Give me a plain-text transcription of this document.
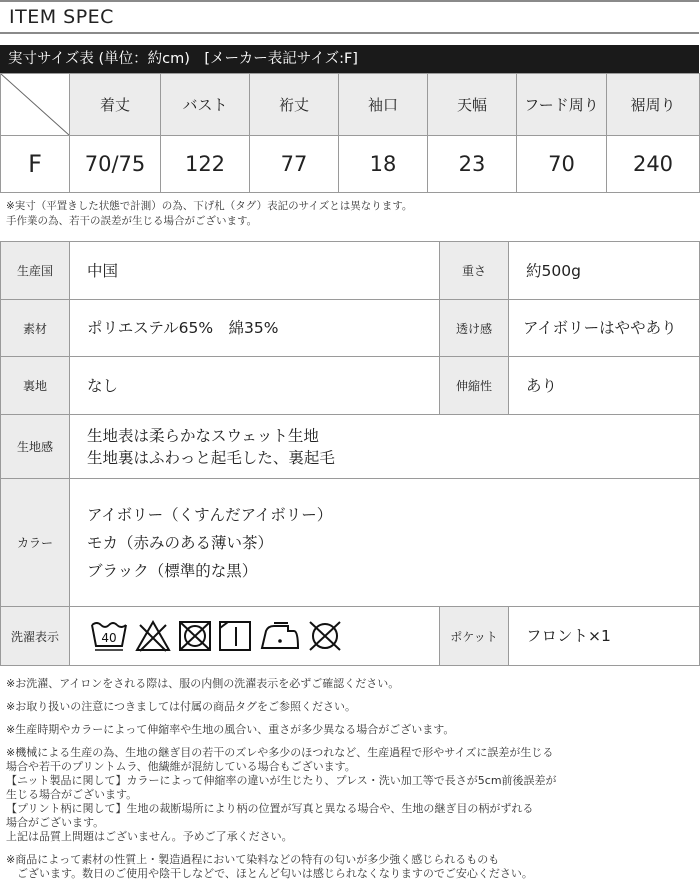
ITEM SPEC
実寸サイズ表 (単位：約cm)　[メーカー表記サイズ:F]
	着丈	バスト	裄丈	袖口	天幅	フード周り	裾周り
F	70/75	122	77	18	23	70	240
※実寸（平置きした状態で計測）の為、下げ札（タグ）表記のサイズとは異なります。
手作業の為、若干の誤差が生じる場合がございます。
生産国	中国	重さ	約500g
素材	ポリエステル65%　綿35%	透け感	アイボリーはややあり
裏地	なし	伸縮性	あり
生地感	生地表は柔らかなスウェット生地
生地裏はふわっと起毛した、裏起毛		

カラー	アイボリー（くすんだアイボリー）
モカ（赤みのある薄い茶）
ブラック（標準的な黒）		

洗濯表示	40	ポケット	フロント×1

※お洗濯、アイロンをされる際は、服の内側の洗濯表示を必ずご確認ください。

※お取り扱いの注意につきましては付属の商品タグをご参照ください。

※生産時期やカラーによって伸縮率や生地の風合い、重さが多少異なる場合がございます。

※機械による生産の為、生地の継ぎ目の若干のズレや多少のほつれなど、生産過程で形やサイズに誤差が生じる

場合や若干のプリントムラ、他繊維が混紡している場合もございます。

【ニット製品に関して】カラーによって伸縮率の違いが生じたり、プレス・洗い加工等で長さが5cm前後誤差が

生じる場合がございます。

【プリント柄に関して】生地の裁断場所により柄の位置が写真と異なる場合や、生地の継ぎ目の柄がずれる

場合がございます。

上記は品質上問題はございません。予めご了承ください。

※商品によって素材の性質上・製造過程において染料などの特有の匂いが多少強く感じられるものも

　ございます。数日のご使用や陰干しなどで、ほとんど匂いは感じられなくなりますのでご安心ください。
